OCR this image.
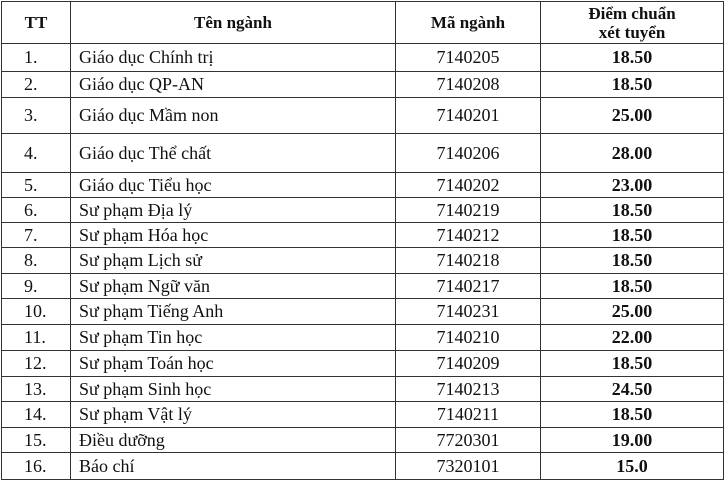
TT	Tên ngành	Mã ngành	Điểm chuẩn
xét tuyển

1.	Giáo dục Chính trị	7140205	18.50
2.	Giáo dục QP-AN	7140208	18.50
3.	Giáo dục Mầm non	7140201	25.00
4.	Giáo dục Thể chất	7140206	28.00
5.	Giáo dục Tiểu học	7140202	23.00
6.	Sư phạm Địa lý	7140219	18.50
7.	Sư phạm Hóa học	7140212	18.50
8.	Sư phạm Lịch sử	7140218	18.50
9.	Sư phạm Ngữ văn	7140217	18.50
10.	Sư phạm Tiếng Anh	7140231	25.00
11.	Sư phạm Tin học	7140210	22.00
12.	Sư phạm Toán học	7140209	18.50
13.	Sư phạm Sinh học	7140213	24.50
14.	Sư phạm Vật lý	7140211	18.50
15.	Điều dưỡng	7720301	19.00
16.	Báo chí	7320101	15.0
